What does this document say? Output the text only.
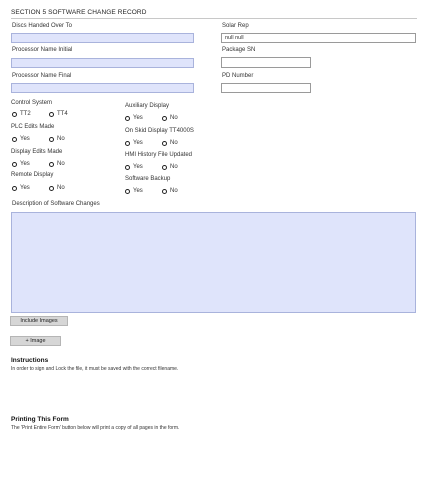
SECTION 5 SOFTWARE CHANGE RECORD
Discs Handed Over To
Processor Name Initial
Processor Name Final
Solar Rep
null null
Package SN
PD Number
Control System
TT2	TT4
PLC Edits Made
Yes	No
Display Edits Made
Yes	No
Remote Display
Yes	No
Auxiliary Display
Yes	No
On Skid Display TT4000S
Yes	No
HMI History File Updated
Yes	No
Software Backup
Yes	No
Description of Software Changes
Include Images
+ Image
Instructions
In order to sign and Lock the file, it must be saved with the correct filename.
Printing This Form
The 'Print Entire Form' button below will print a copy of all pages in the form.
